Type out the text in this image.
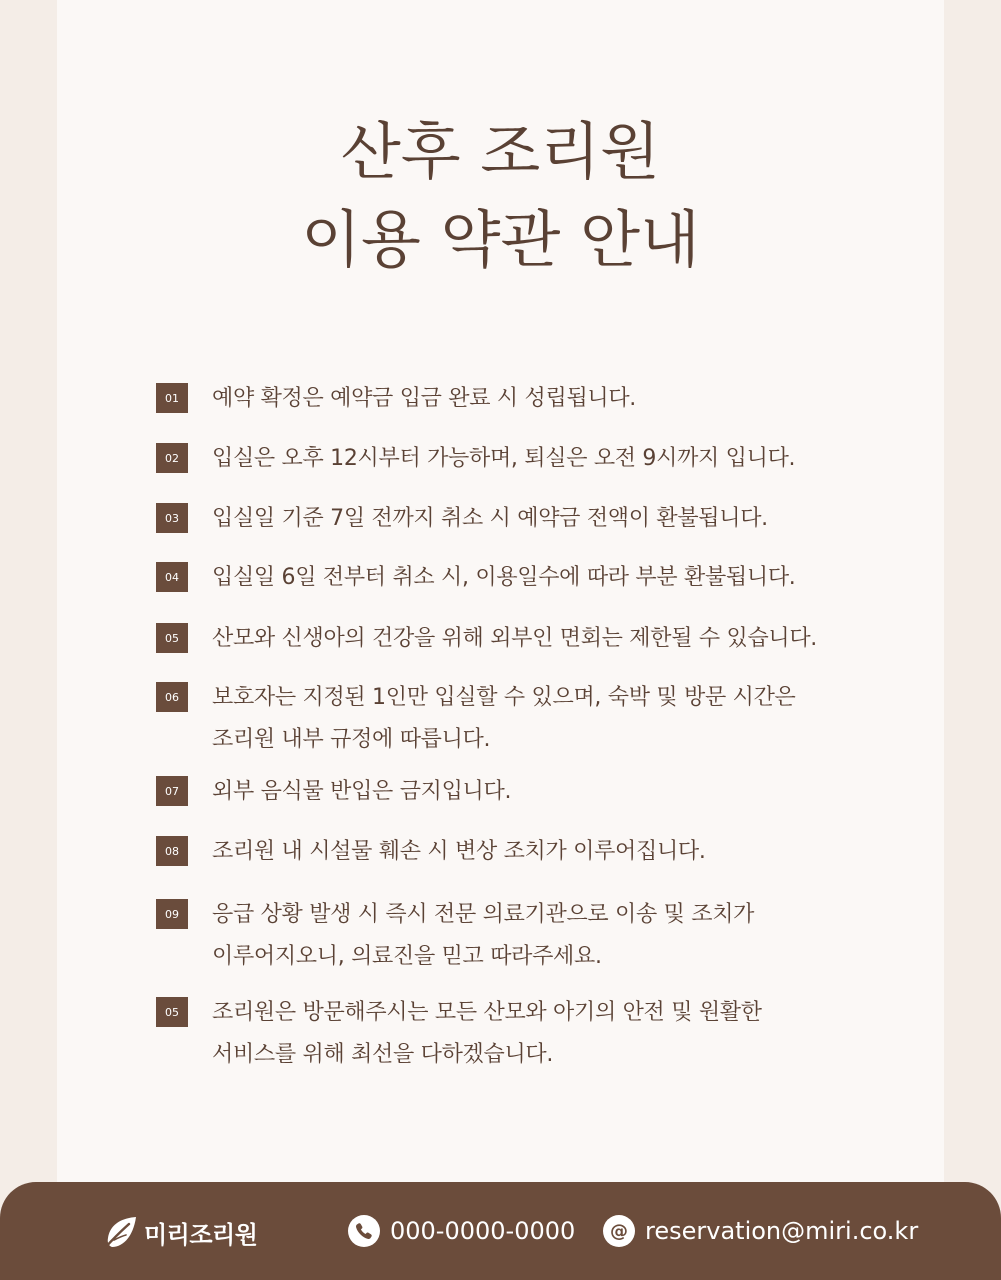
산후 조리원
이용 약관 안내
01	예약 확정은 예약금 입금 완료 시 성립됩니다.
02	입실은 오후 12시부터 가능하며, 퇴실은 오전 9시까지 입니다.
03	입실일 기준 7일 전까지 취소 시 예약금 전액이 환불됩니다.
04	입실일 6일 전부터 취소 시, 이용일수에 따라 부분 환불됩니다.
05	산모와 신생아의 건강을 위해 외부인 면회는 제한될 수 있습니다.
06	보호자는 지정된 1인만 입실할 수 있으며, 숙박 및 방문 시간은
조리원 내부 규정에 따릅니다.
07	외부 음식물 반입은 금지입니다.
08	조리원 내 시설물 훼손 시 변상 조치가 이루어집니다.
09	응급 상황 발생 시 즉시 전문 의료기관으로 이송 및 조치가
이루어지오니, 의료진을 믿고 따라주세요.
05	조리원은 방문해주시는 모든 산모와 아기의 안전 및 원활한
서비스를 위해 최선을 다하겠습니다.
미리조리원	000-0000-0000	@ reservation@miri.co.kr
